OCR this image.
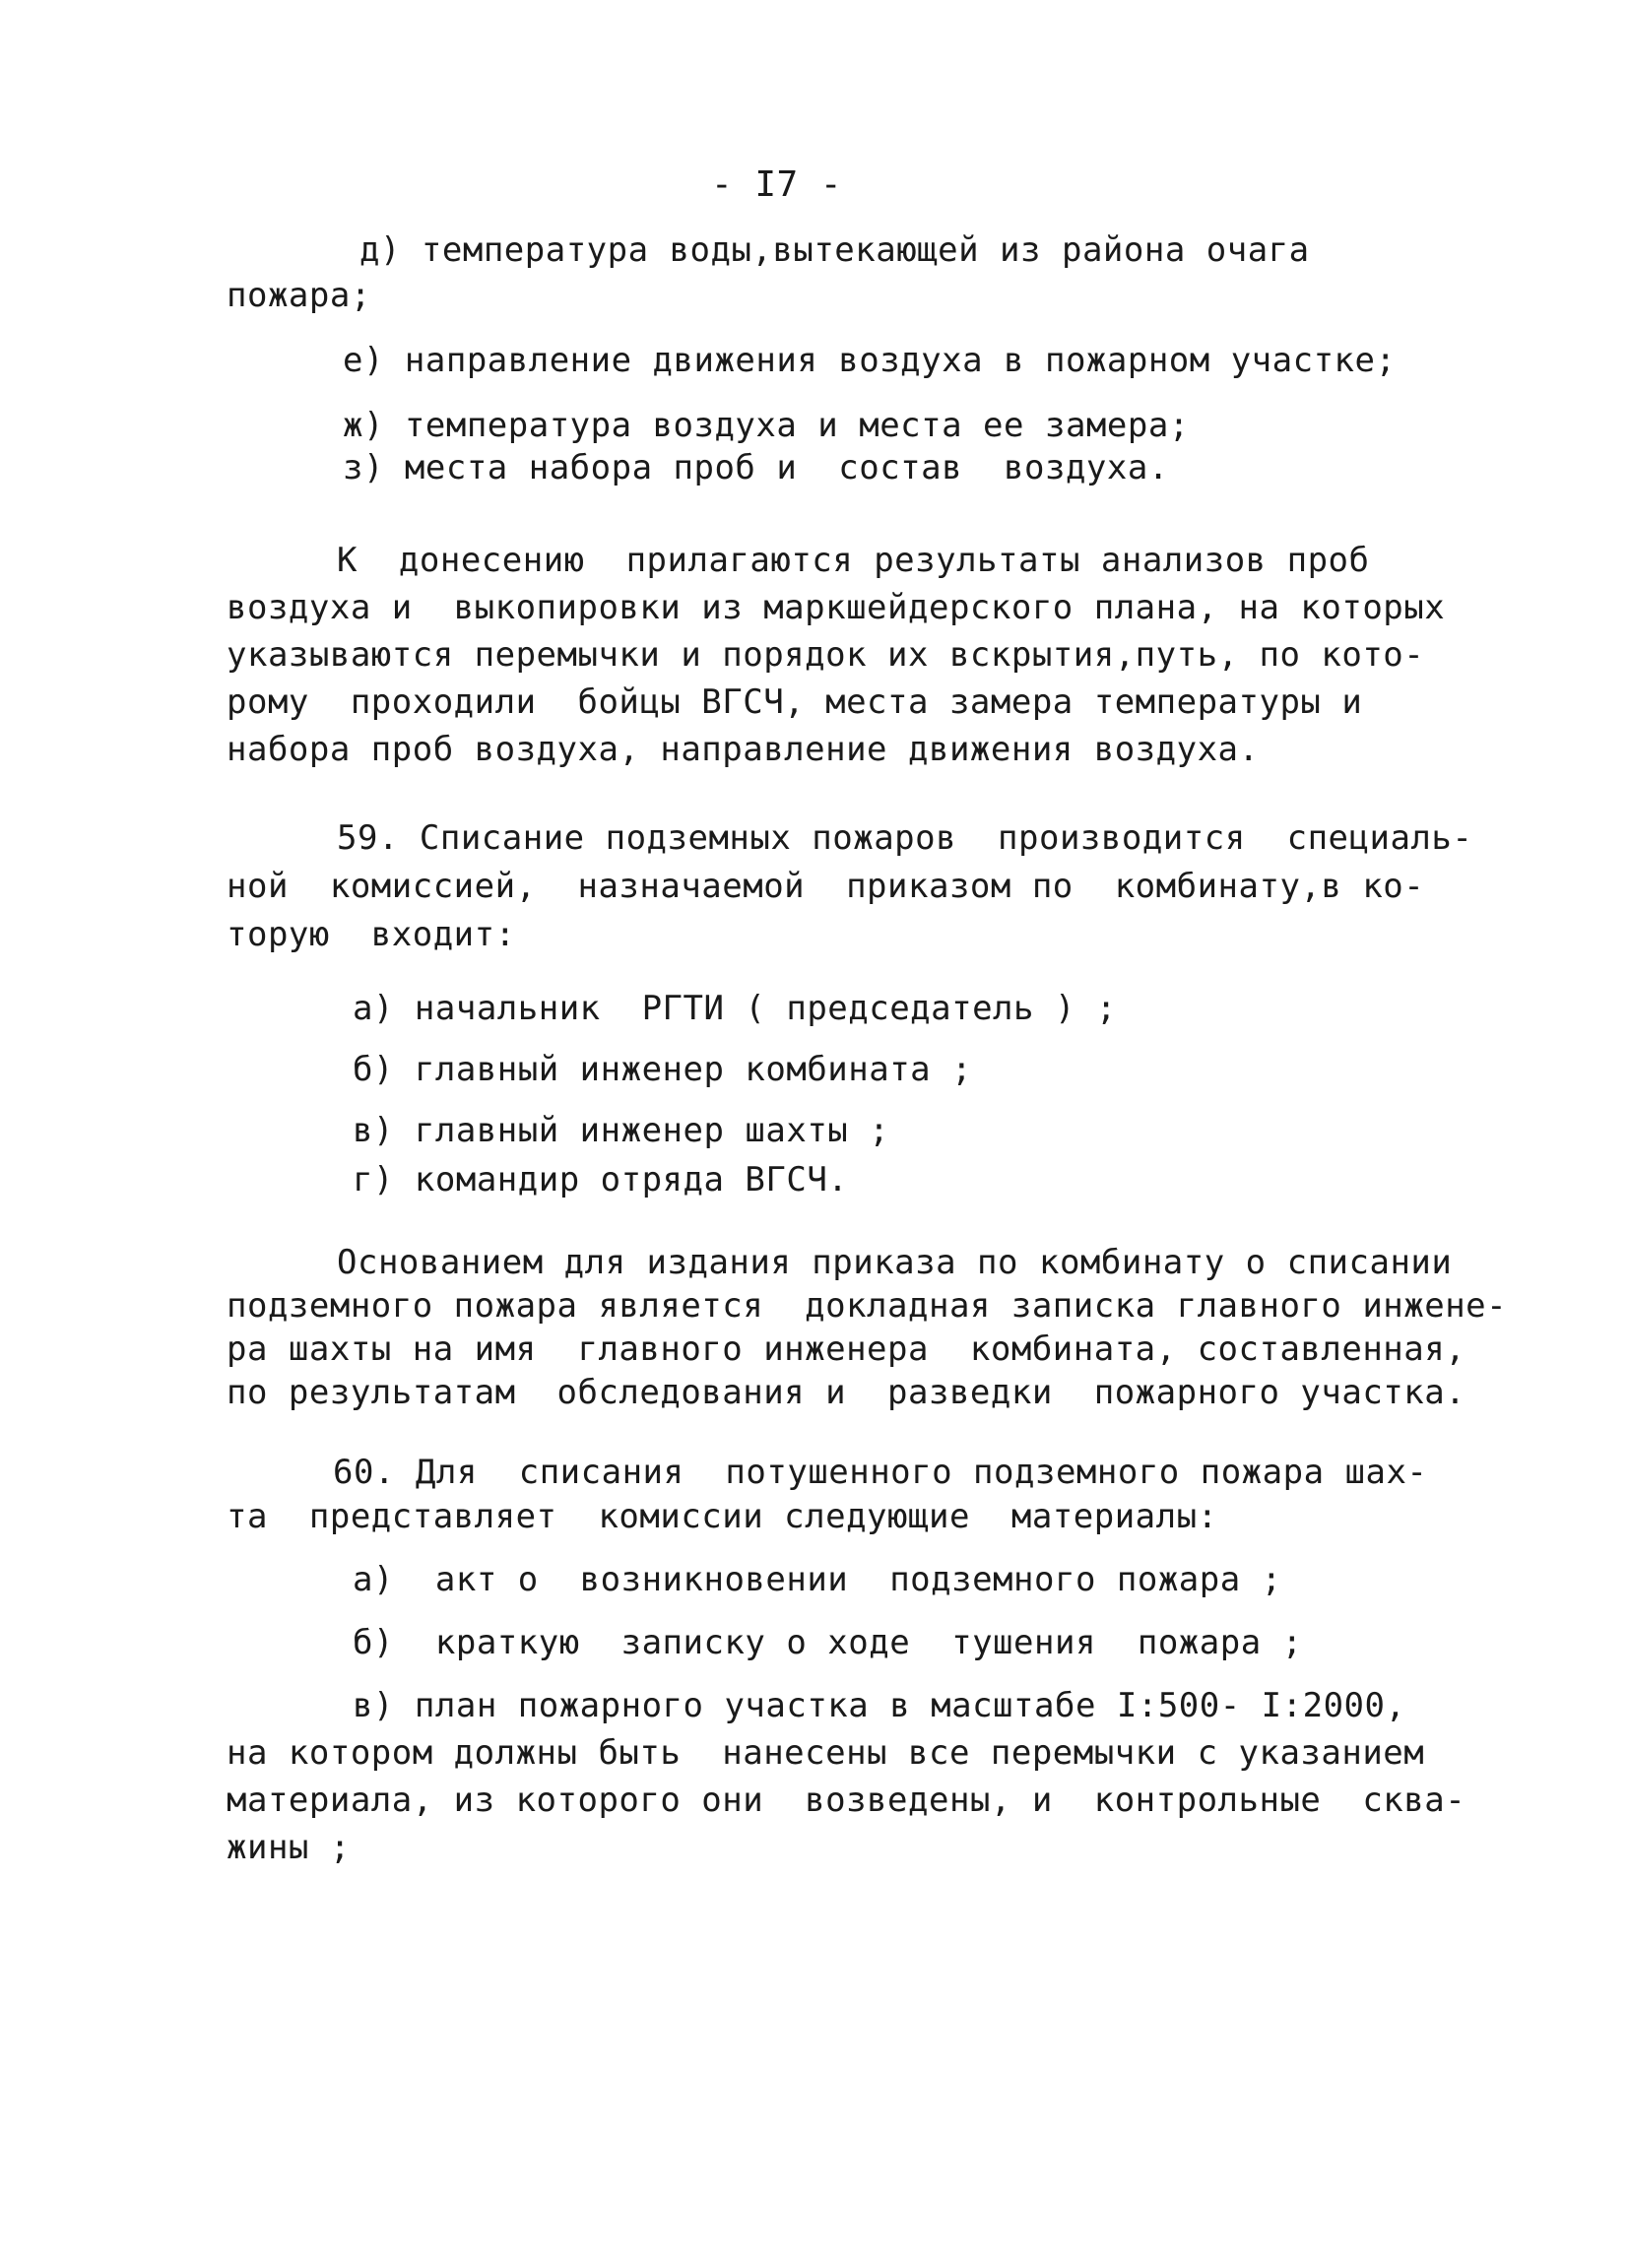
- I7 -
д) температура воды,вытекающей из района очага
пожара;
е) направление движения воздуха в пожарном участке;
ж) температура воздуха и места ее замера;
з) места набора проб и  состав  воздуха.
К  донесению  прилагаются результаты анализов проб
воздуха и  выкопировки из маркшейдерского плана, на которых
указываются перемычки и порядок их вскрытия,путь, по кото-
рому  проходили  бойцы ВГСЧ, места замера температуры и
набора проб воздуха, направление движения воздуха.
59. Списание подземных пожаров  производится  специаль-
ной  комиссией,  назначаемой  приказом по  комбинату,в ко-
торую  входит:
а) начальник  РГТИ ( председатель ) ;
б) главный инженер комбината ;
в) главный инженер шахты ;
г) командир отряда ВГСЧ.
Основанием для издания приказа по комбинату о списании
подземного пожара является  докладная записка главного инжене-
ра шахты на имя  главного инженера  комбината, составленная,
по результатам  обследования и  разведки  пожарного участка.
60. Для  списания  потушенного подземного пожара шах-
та  представляет  комиссии следующие  материалы:
а)  акт о  возникновении  подземного пожара ;
б)  краткую  записку о ходе  тушения  пожара ;
в) план пожарного участка в масштабе I:500- I:2000,
на котором должны быть  нанесены все перемычки с указанием
материала, из которого они  возведены, и  контрольные  сква-
жины ;
